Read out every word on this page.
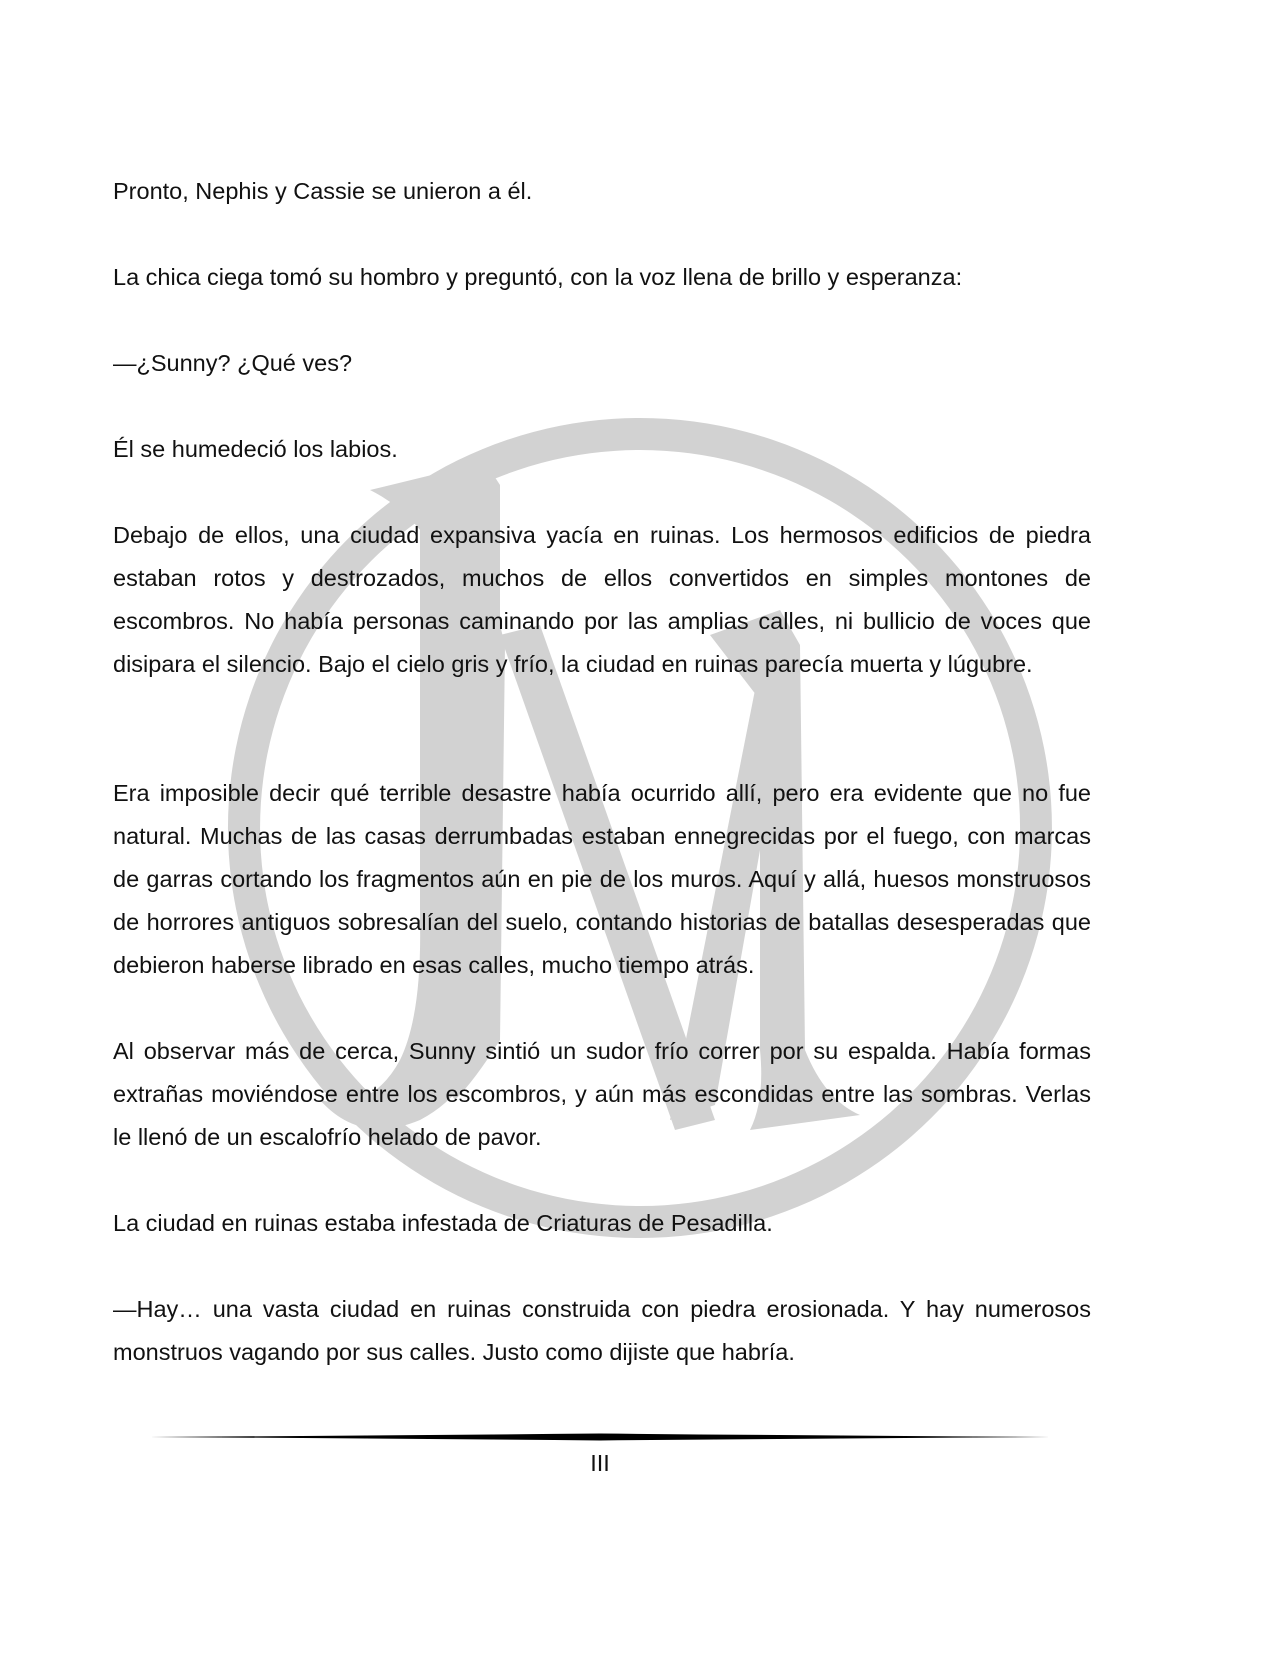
Pronto, Nephis y Cassie se unieron a él.

La chica ciega tomó su hombro y preguntó, con la voz llena de brillo y esperanza:

—¿Sunny? ¿Qué ves?

Él se humedeció los labios.

Debajo de ellos, una ciudad expansiva yacía en ruinas. Los hermosos edificios de piedra estaban rotos y destrozados, muchos de ellos convertidos en simples montones de escombros. No había personas caminando por las amplias calles, ni bullicio de voces que disipara el silencio. Bajo el cielo gris y frío, la ciudad en ruinas parecía muerta y lúgubre.

Era imposible decir qué terrible desastre había ocurrido allí, pero era evidente que no fue natural. Muchas de las casas derrumbadas estaban ennegrecidas por el fuego, con marcas de garras cortando los fragmentos aún en pie de los muros. Aquí y allá, huesos monstruosos de horrores antiguos sobresalían del suelo, contando historias de batallas desesperadas que debieron haberse librado en esas calles, mucho tiempo atrás.

Al observar más de cerca, Sunny sintió un sudor frío correr por su espalda. Había formas extrañas moviéndose entre los escombros, y aún más escondidas entre las sombras. Verlas le llenó de un escalofrío helado de pavor.

La ciudad en ruinas estaba infestada de Criaturas de Pesadilla.

—Hay… una vasta ciudad en ruinas construida con piedra erosionada. Y hay numerosos monstruos vagando por sus calles. Justo como dijiste que habría.

III
